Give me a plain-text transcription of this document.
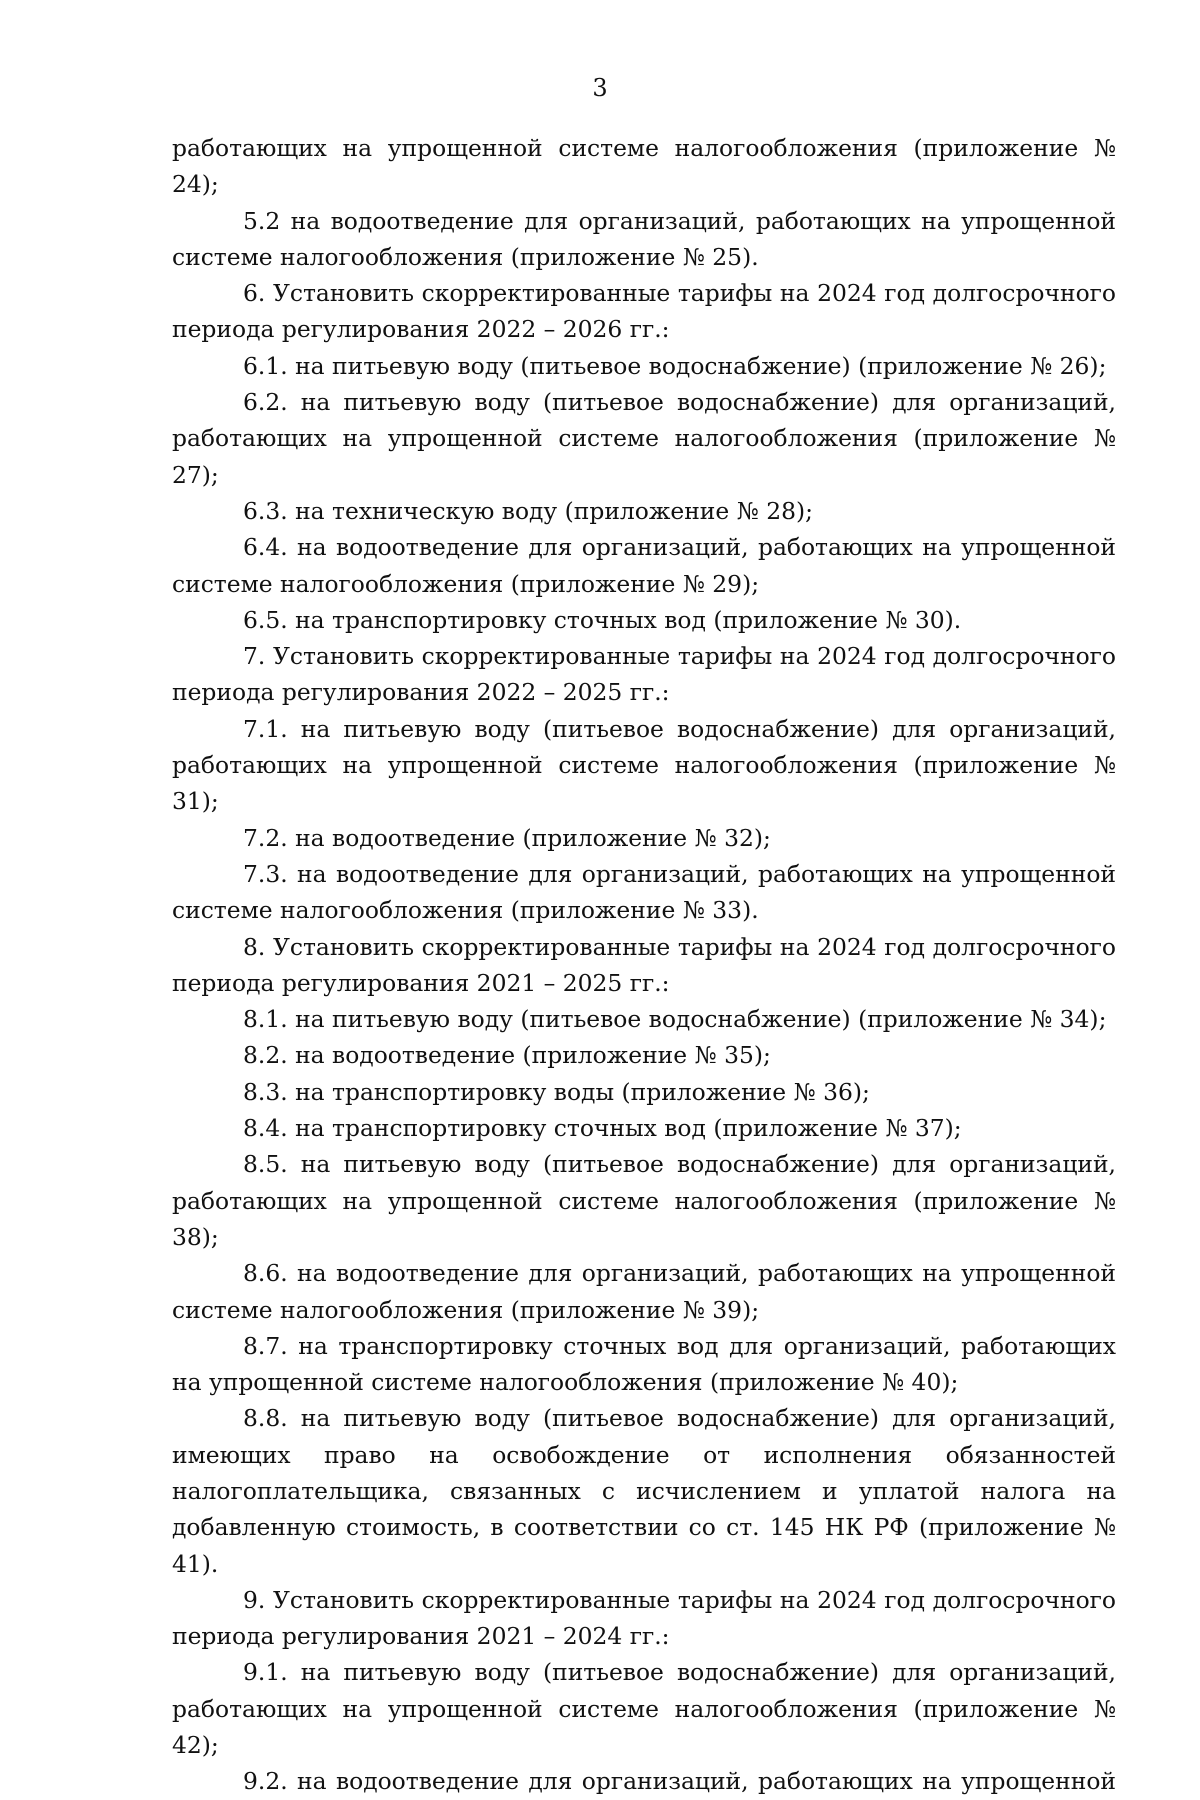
3

работающих на упрощенной системе налогообложения (приложение № 24);

5.2 на водоотведение для организаций, работающих на упрощенной системе налогообложения (приложение № 25).

6. Установить скорректированные тарифы на 2024 год долгосрочного периода регулирования 2022 – 2026 гг.:

6.1. на питьевую воду (питьевое водоснабжение) (приложение № 26);

6.2. на питьевую воду (питьевое водоснабжение) для организаций, работающих на упрощенной системе налогообложения (приложение № 27);

6.3. на техническую воду (приложение № 28);

6.4. на водоотведение для организаций, работающих на упрощенной системе налогообложения (приложение № 29);

6.5. на транспортировку сточных вод (приложение № 30).

7. Установить скорректированные тарифы на 2024 год долгосрочного периода регулирования 2022 – 2025 гг.:

7.1. на питьевую воду (питьевое водоснабжение) для организаций, работающих на упрощенной системе налогообложения (приложение № 31);

7.2. на водоотведение (приложение № 32);

7.3. на водоотведение для организаций, работающих на упрощенной системе налогообложения (приложение № 33).

8. Установить скорректированные тарифы на 2024 год долгосрочного периода регулирования 2021 – 2025 гг.:

8.1. на питьевую воду (питьевое водоснабжение) (приложение № 34);

8.2. на водоотведение (приложение № 35);

8.3. на транспортировку воды (приложение № 36);

8.4. на транспортировку сточных вод (приложение № 37);

8.5. на питьевую воду (питьевое водоснабжение) для организаций, работающих на упрощенной системе налогообложения (приложение № 38);

8.6. на водоотведение для организаций, работающих на упрощенной системе налогообложения (приложение № 39);

8.7. на транспортировку сточных вод для организаций, работающих на упрощенной системе налогообложения (приложение № 40);

8.8. на питьевую воду (питьевое водоснабжение) для организаций, имеющих право на освобождение от исполнения обязанностей налогоплательщика, связанных с исчислением и уплатой налога на добавленную стоимость, в соответствии со ст. 145 НК РФ (приложение № 41).

9. Установить скорректированные тарифы на 2024 год долгосрочного периода регулирования 2021 – 2024 гг.:

9.1. на питьевую воду (питьевое водоснабжение) для организаций, работающих на упрощенной системе налогообложения (приложение № 42);

9.2. на водоотведение для организаций, работающих на упрощенной
